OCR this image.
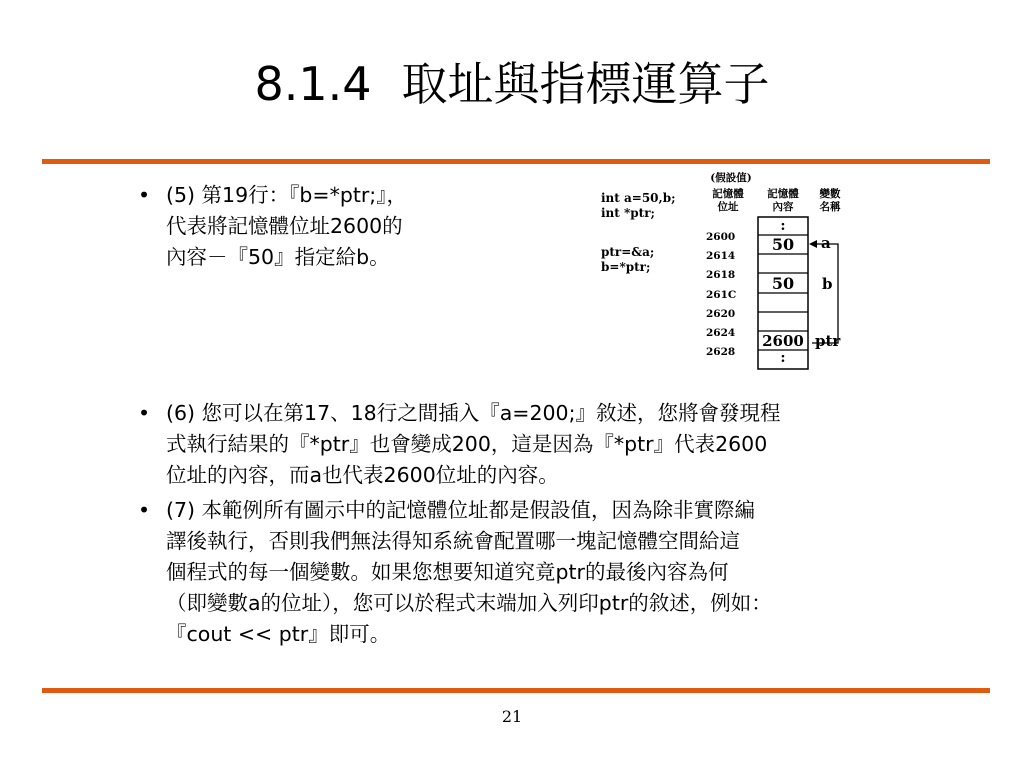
8.1.4 取址與指標運算子
• (5) 第19行：『b=*ptr;』，
代表將記憶體位址2600的
內容－『50』指定給b。
int a=50,b;
int *ptr;
ptr=&a;
b=*ptr;
(假設值)
記憶體
位址
記憶體
內容
變數
名稱
2600
2614
2618
261C
2620
2624
2628
:
50
50
2600
:
a
b
ptr
• (6) 您可以在第17、18行之間插入『a=200;』敘述，您將會發現程
式執行結果的『*ptr』也會變成200，這是因為『*ptr』代表2600
位址的內容，而a也代表2600位址的內容。
• (7) 本範例所有圖示中的記憶體位址都是假設值，因為除非實際編
譯後執行，否則我們無法得知系統會配置哪一塊記憶體空間給這
個程式的每一個變數。如果您想要知道究竟ptr的最後內容為何
（即變數a的位址），您可以於程式末端加入列印ptr的敘述，例如：
『cout << ptr』即可。
21
